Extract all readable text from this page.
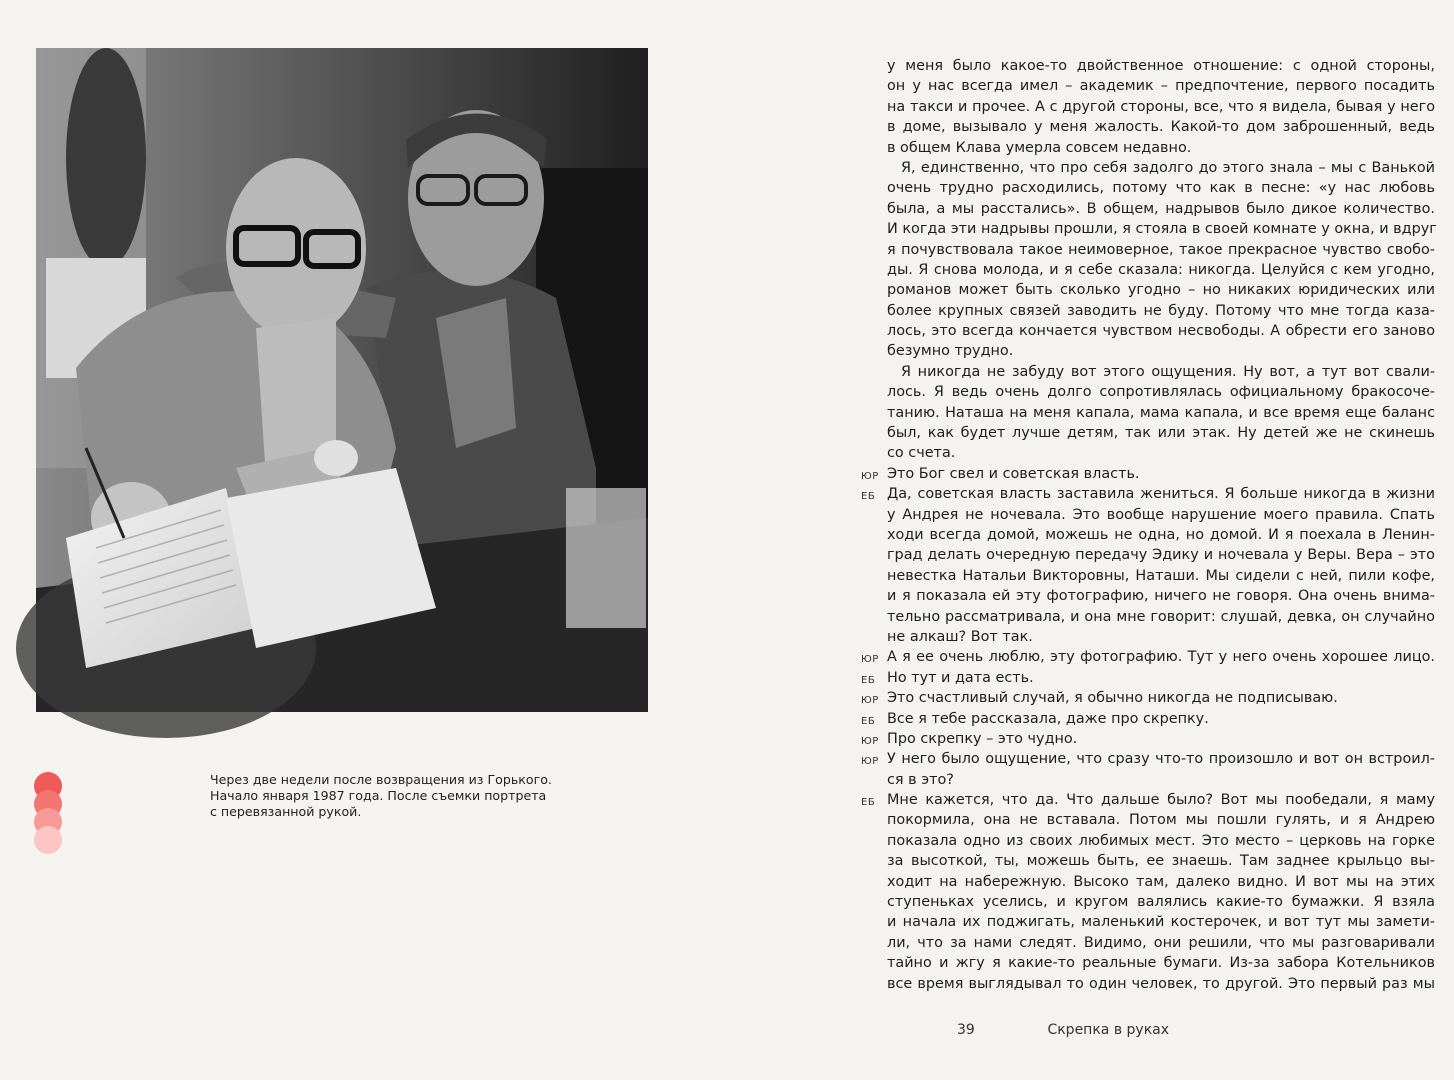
Через две недели после возвращения из Горького.
Начало января 1987 года. После съемки портрета
с перевязанной рукой.
у меня было какое-то двойственное отношение: с одной стороны,
он у нас всегда имел – академик – предпочтение, первого посадить
на такси и прочее. А с другой стороны, все, что я видела, бывая у него
в доме, вызывало у меня жалость. Какой-то дом заброшенный, ведь
в общем Клава умерла совсем недавно.
Я, единственно, что про себя задолго до этого знала – мы с Ванькой
очень трудно расходились, потому что как в песне: «у нас любовь
была, а мы расстались». В общем, надрывов было дикое количество.
И когда эти надрывы прошли, я стояла в своей комнате у окна, и вдруг
я почувствовала такое неимоверное, такое прекрасное чувство свобо-
ды. Я снова молода, и я себе сказала: никогда. Целуйся с кем угодно,
романов может быть сколько угодно – но никаких юридических или
более крупных связей заводить не буду. Потому что мне тогда каза-
лось, это всегда кончается чувством несвободы. А обрести его заново
безумно трудно.
Я никогда не забуду вот этого ощущения. Ну вот, а тут вот свали-
лось. Я ведь очень долго сопротивлялась официальному бракосоче-
танию. Наташа на меня капала, мама капала, и все время еще баланс
был, как будет лучше детям, так или этак. Ну детей же не скинешь
со счета.
ЮР Это Бог свел и советская власть.
ЕБ Да, советская власть заставила жениться. Я больше никогда в жизни
у Андрея не ночевала. Это вообще нарушение моего правила. Спать
ходи всегда домой, можешь не одна, но домой. И я поехала в Ленин-
град делать очередную передачу Эдику и ночевала у Веры. Вера – это
невестка Натальи Викторовны, Наташи. Мы сидели с ней, пили кофе,
и я показала ей эту фотографию, ничего не говоря. Она очень внима-
тельно рассматривала, и она мне говорит: слушай, девка, он случайно
не алкаш? Вот так.
ЮР А я ее очень люблю, эту фотографию. Тут у него очень хорошее лицо.
ЕБ Но тут и дата есть.
ЮР Это счастливый случай, я обычно никогда не подписываю.
ЕБ Все я тебе рассказала, даже про скрепку.
ЮР Про скрепку – это чудно.
ЮР У него было ощущение, что сразу что-то произошло и вот он встроил-
ся в это?
ЕБ Мне кажется, что да. Что дальше было? Вот мы пообедали, я маму
покормила, она не вставала. Потом мы пошли гулять, и я Андрею
показала одно из своих любимых мест. Это место – церковь на горке
за высоткой, ты, можешь быть, ее знаешь. Там заднее крыльцо вы-
ходит на набережную. Высоко там, далеко видно. И вот мы на этих
ступеньках уселись, и кругом валялись какие-то бумажки. Я взяла
и начала их поджигать, маленький костерочек, и вот тут мы замети-
ли, что за нами следят. Видимо, они решили, что мы разговаривали
тайно и жгу я какие-то реальные бумаги. Из-за забора Котельников
все время выглядывал то один человек, то другой. Это первый раз мы
39	Скрепка в руках
